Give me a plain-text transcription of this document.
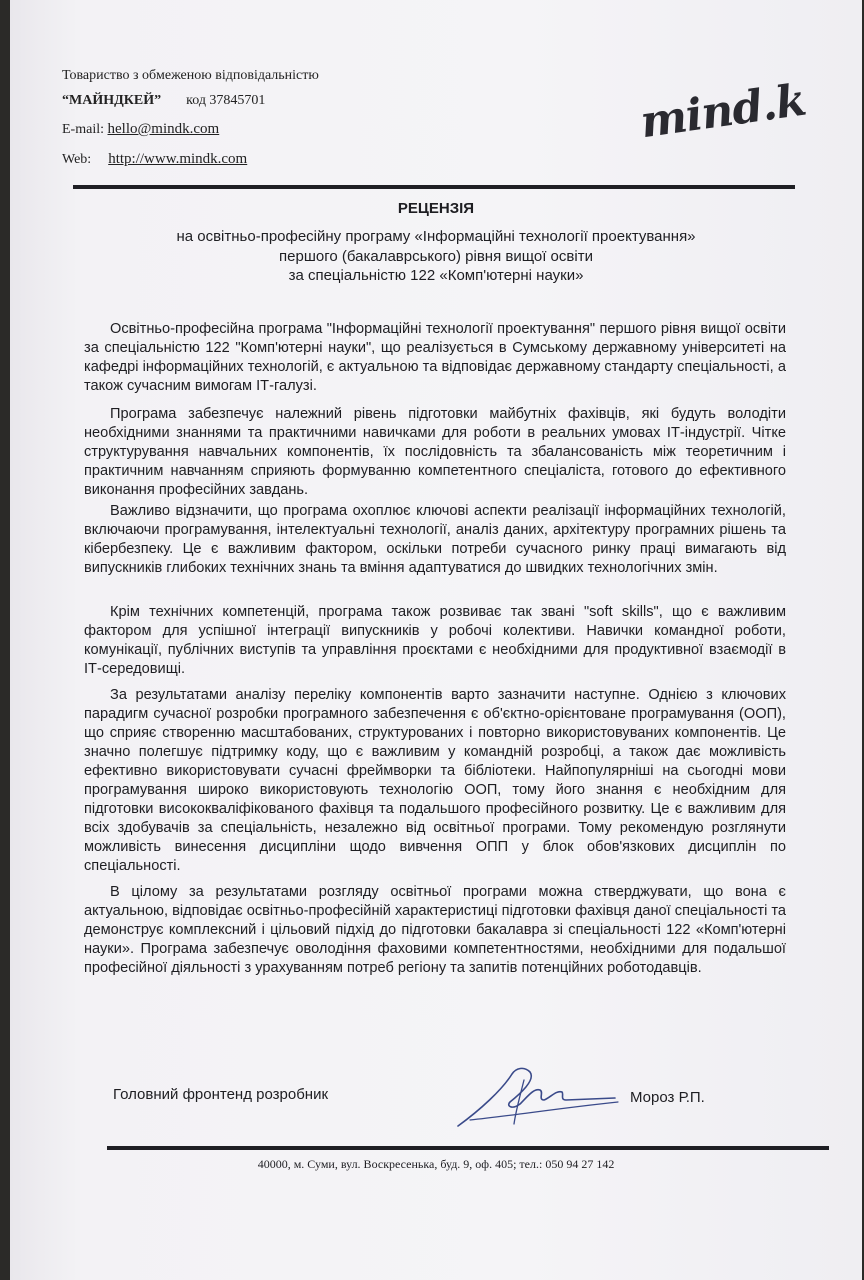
Товариство з обмеженою відповідальністю
“МАЙНДКЕЙ” код 37845701
E-mail: hello@mindk.com
Web: http://www.mindk.com
mind.k
РЕЦЕНЗІЯ
на освітньо-професійну програму «Інформаційні технології проектування»
першого (бакалаврського) рівня вищої освіти
за спеціальністю 122 «Комп'ютерні науки»
Освітньо-професійна програма "Інформаційні технології проектування" першого рівня вищої освіти за спеціальністю 122 "Комп'ютерні науки", що реалізується в Сумському державному університеті на кафедрі інформаційних технологій, є актуальною та відповідає державному стандарту спеціальності, а також сучасним вимогам ІТ-галузі.
Програма забезпечує належний рівень підготовки майбутніх фахівців, які будуть володіти необхідними знаннями та практичними навичками для роботи в реальних умовах ІТ-індустрії. Чітке структурування навчальних компонентів, їх послідовність та збалансованість між теоретичним і практичним навчанням сприяють формуванню компетентного спеціаліста, готового до ефективного виконання професійних завдань.
Важливо відзначити, що програма охоплює ключові аспекти реалізації інформаційних технологій, включаючи програмування, інтелектуальні технології, аналіз даних, архітектуру програмних рішень та кібербезпеку. Це є важливим фактором, оскільки потреби сучасного ринку праці вимагають від випускників глибоких технічних знань та вміння адаптуватися до швидких технологічних змін.
Крім технічних компетенцій, програма також розвиває так звані "soft skills", що є важливим фактором для успішної інтеграції випускників у робочі колективи. Навички командної роботи, комунікації, публічних виступів та управління проєктами є необхідними для продуктивної взаємодії в ІТ-середовищі.
За результатами аналізу переліку компонентів варто зазначити наступне. Однією з ключових парадигм сучасної розробки програмного забезпечення є об'єктно-орієнтоване програмування (ООП), що сприяє створенню масштабованих, структурованих і повторно використовуваних компонентів. Це значно полегшує підтримку коду, що є важливим у командній розробці, а також дає можливість ефективно використовувати сучасні фреймворки та бібліотеки. Найпопулярніші на сьогодні мови програмування широко використовують технологію ООП, тому його знання є необхідним для підготовки висококваліфікованого фахівця та подальшого професійного розвитку. Це є важливим для всіх здобувачів за спеціальність, незалежно від освітньої програми. Тому рекомендую розглянути можливість винесення дисципліни щодо вивчення ОПП у блок обов'язкових дисциплін по спеціальності.
В цілому за результатами розгляду освітньої програми можна стверджувати, що вона є актуальною, відповідає освітньо-професійній характеристиці підготовки фахівця даної спеціальності та демонструє комплексний і цільовий підхід до підготовки бакалавра зі спеціальності 122 «Комп'ютерні науки». Програма забезпечує оволодіння фаховими компетентностями, необхідними для подальшої професійної діяльності з урахуванням потреб регіону та запитів потенційних роботодавців.
Головний фронтенд розробник	Мороз Р.П.
40000, м. Суми, вул. Воскресенька, буд. 9, оф. 405; тел.: 050 94 27 142
